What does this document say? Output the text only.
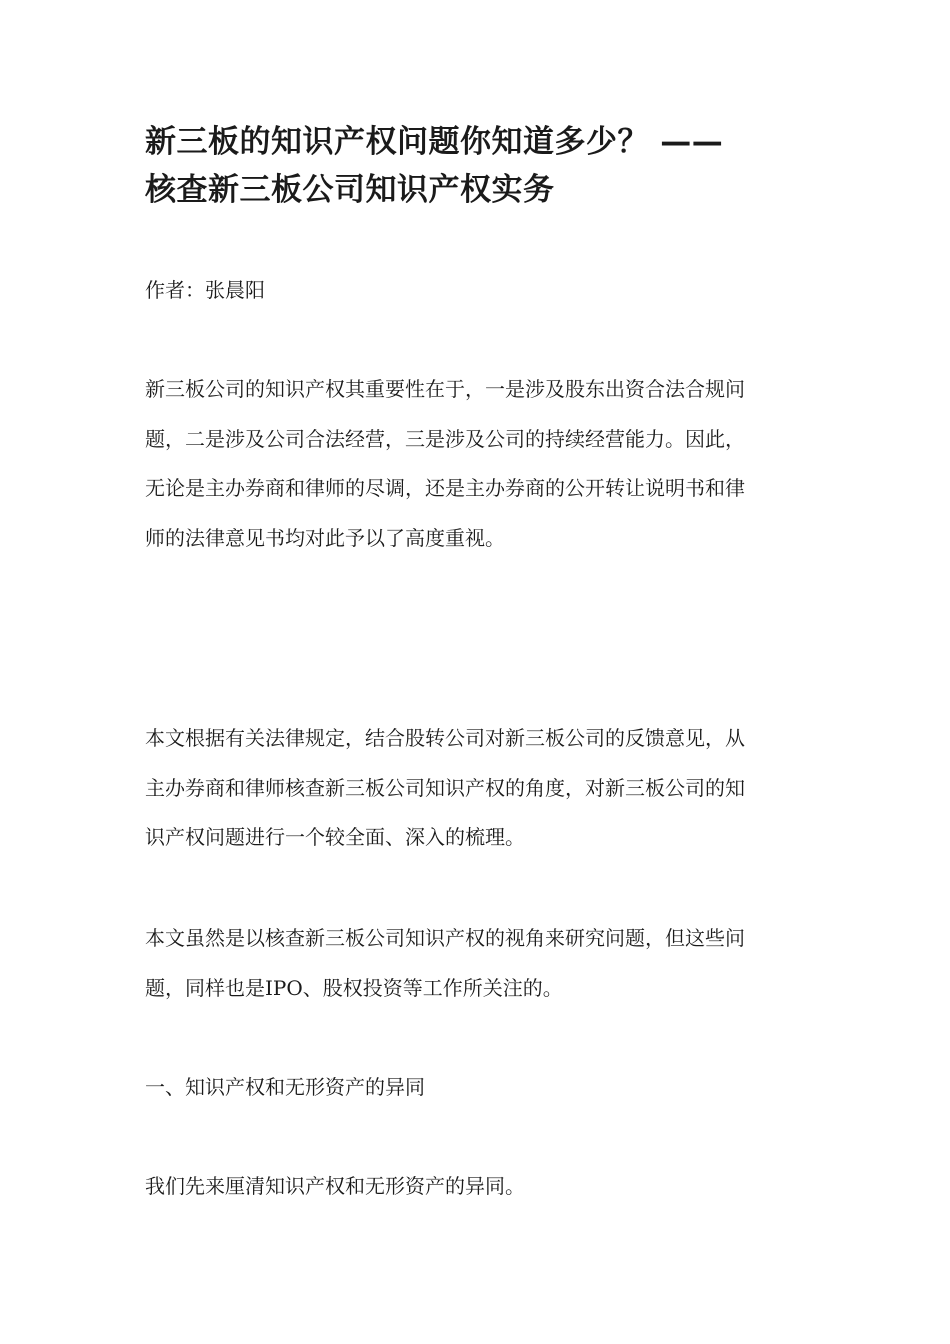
新三板的知识产权问题你知道多少？ ——
核查新三板公司知识产权实务

作者：张晨阳

新三板公司的知识产权其重要性在于，一是涉及股东出资合法合规问
题，二是涉及公司合法经营，三是涉及公司的持续经营能力。因此，
无论是主办券商和律师的尽调，还是主办券商的公开转让说明书和律
师的法律意见书均对此予以了高度重视。
本文根据有关法律规定，结合股转公司对新三板公司的反馈意见，从
主办券商和律师核查新三板公司知识产权的角度，对新三板公司的知
识产权问题进行一个较全面、深入的梳理。
本文虽然是以核查新三板公司知识产权的视角来研究问题，但这些问
题，同样也是IPO、股权投资等工作所关注的。

一、知识产权和无形资产的异同

我们先来厘清知识产权和无形资产的异同。
